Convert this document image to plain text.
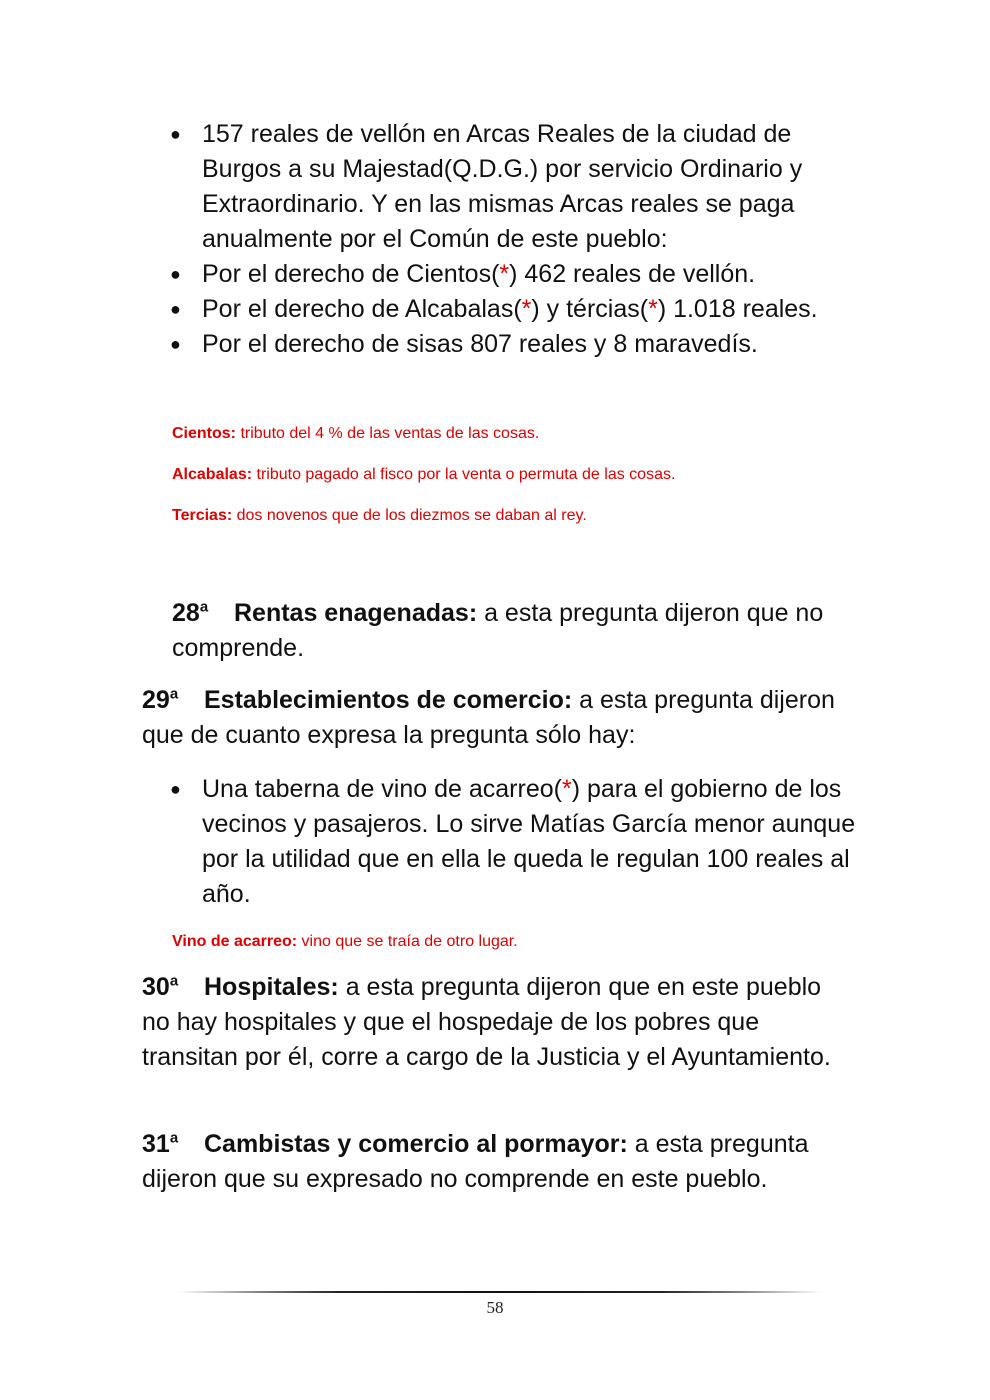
● 157 reales de vellón en Arcas Reales de la ciudad de Burgos a su Majestad(Q.D.G.) por servicio Ordinario y Extraordinario. Y en las mismas Arcas reales se paga anualmente por el Común de este pueblo:
● Por el derecho de Cientos(*) 462 reales de vellón.
● Por el derecho de Alcabalas(*) y tércias(*) 1.018 reales.
● Por el derecho de sisas 807 reales y 8 maravedís.
Cientos: tributo del 4 % de las ventas de las cosas.
Alcabalas: tributo pagado al fisco por la venta o permuta de las cosas.
Tercias: dos novenos que de los diezmos se daban al rey.
28$^a$ Rentas enagenadas: a esta pregunta dijeron que no comprende.
29$^a$ Establecimientos de comercio: a esta pregunta dijeron que de cuanto expresa la pregunta sólo hay:
● Una taberna de vino de acarreo(*) para el gobierno de los vecinos y pasajeros. Lo sirve Matías García menor aunque por la utilidad que en ella le queda le regulan 100 reales al año.
Vino de acarreo: vino que se traía de otro lugar.
30$^a$ Hospitales: a esta pregunta dijeron que en este pueblo no hay hospitales y que el hospedaje de los pobres que transitan por él, corre a cargo de la Justicia y el Ayuntamiento.
31$^a$ Cambistas y comercio al pormayor: a esta pregunta dijeron que su expresado no comprende en este pueblo.
58
